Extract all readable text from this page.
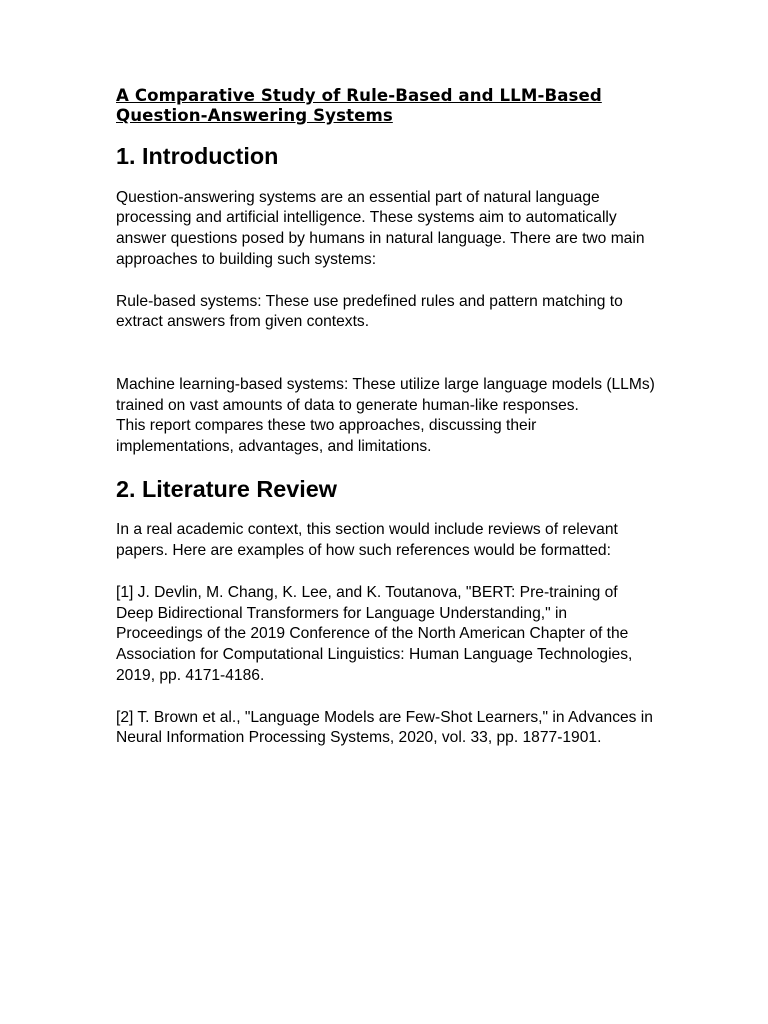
A Comparative Study of Rule-Based and LLM-Based
Question-Answering Systems
1. Introduction

Question-answering systems are an essential part of natural language processing and artificial intelligence. These systems aim to automatically answer questions posed by humans in natural language. There are two main approaches to building such systems:

Rule-based systems: These use predefined rules and pattern matching to extract answers from given contexts.

Machine learning-based systems: These utilize large language models (LLMs) trained on vast amounts of data to generate human-like responses.

This report compares these two approaches, discussing their implementations, advantages, and limitations.

2. Literature Review

In a real academic context, this section would include reviews of relevant papers. Here are examples of how such references would be formatted:

[1] J. Devlin, M. Chang, K. Lee, and K. Toutanova, "BERT: Pre-training of Deep Bidirectional Transformers for Language Understanding," in Proceedings of the 2019 Conference of the North American Chapter of the Association for Computational Linguistics: Human Language Technologies, 2019, pp. 4171-4186.

[2] T. Brown et al., "Language Models are Few-Shot Learners," in Advances in Neural Information Processing Systems, 2020, vol. 33, pp. 1877-1901.
